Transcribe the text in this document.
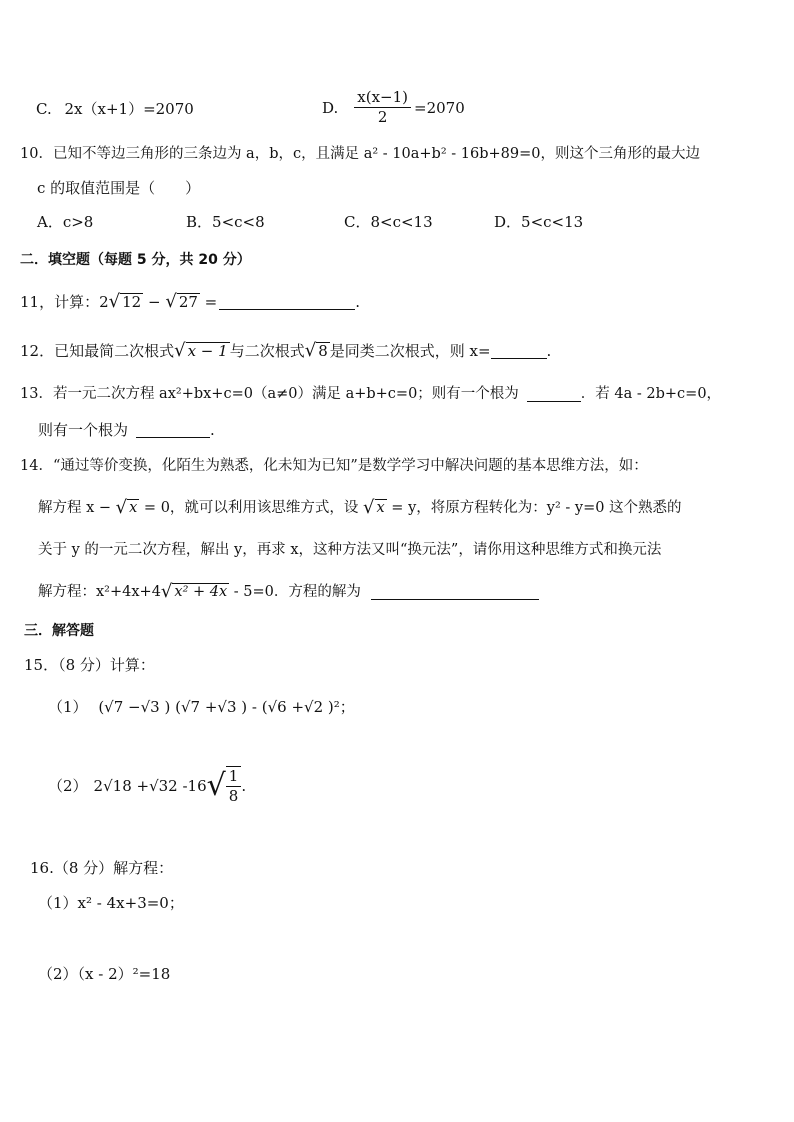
C. 2x（x+1）=2070	D. $\frac{x(x-1)}{2} =2070$
10．已知不等边三角形的三条边为 a，b，c，且满足 a² - 10a+b² - 16b+89=0，则这个三角形的最大边
c 的取值范围是（　　）
A．c>8	B．5<c<8	C．8<c<13	D．5<c<13
二．填空题（每题 5 分，共 20 分）
11，计算： 2 √ 12 − √ 27 =	.
12．已知最简二次根式 √ x − 1 与二次根式 √ 8 是同类二次根式，则 x=	.
13．若一元二次方程 ax²+bx+c=0（a≠0）满足 a+b+c=0；则有一个根为	．若 4a - 2b+c=0，
则有一个根为	.
14．“通过等价变换，化陌生为熟悉，化未知为已知”是数学学习中解决问题的基本思维方法，如：
解方程 x − √ x = 0，就可以利用该思维方式，设 √ x = y，将原方程转化为：y² - y=0 这个熟悉的
关于 y 的一元二次方程，解出 y，再求 x，这种方法又叫“换元法”，请你用这种思维方式和换元法
解方程：x²+4x+4 √ x² + 4x - 5=0．方程的解为
三．解答题
15．（8 分）计算：
（1） (√7 −√3 ) (√7 +√3 ) - (√6 +√2 )²；
（2） 2√18 +√32 -16 √ $\frac{1}{8}$ .
16.（8 分）解方程：
（1）x² - 4x+3=0；
（2）（x - 2）²=18
